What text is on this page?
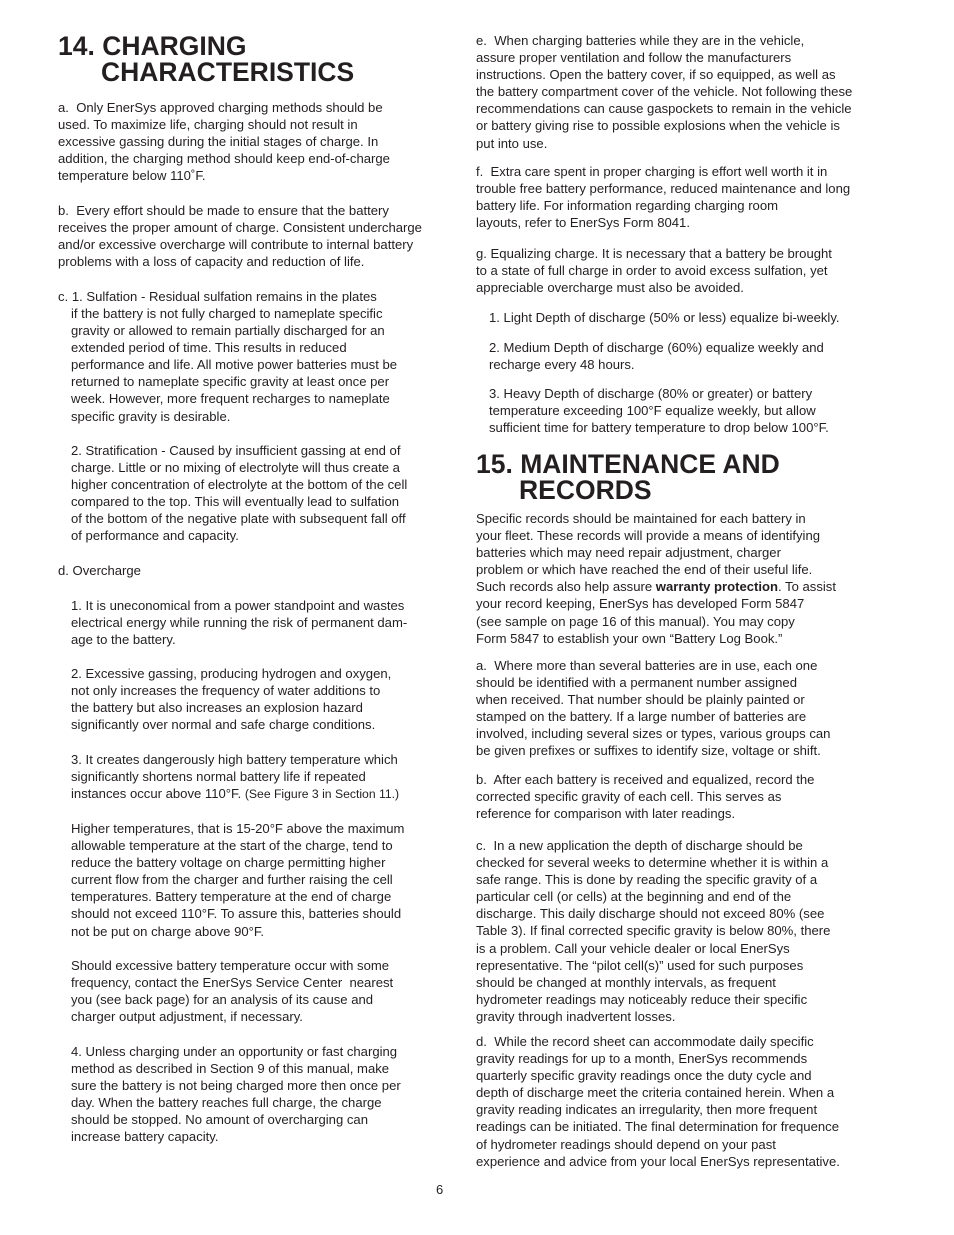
14. CHARGING
CHARACTERISTICS

a.  Only EnerSys approved charging methods should be
used. To maximize life, charging should not result in
excessive gassing during the initial stages of charge. In
addition, the charging method should keep end-of-charge
temperature below 110˚F.

b.  Every effort should be made to ensure that the battery
receives the proper amount of charge. Consistent undercharge
and/or excessive overcharge will contribute to internal battery
problems with a loss of capacity and reduction of life.

c. 1. Sulfation - Residual sulfation remains in the plates

if the battery is not fully charged to nameplate specific
gravity or allowed to remain partially discharged for an
extended period of time. This results in reduced
performance and life. All motive power batteries must be
returned to nameplate specific gravity at least once per
week. However, more frequent recharges to nameplate
specific gravity is desirable.

2. Stratification - Caused by insufficient gassing at end of
charge. Little or no mixing of electrolyte will thus create a
higher concentration of electrolyte at the bottom of the cell
compared to the top. This will eventually lead to sulfation
of the bottom of the negative plate with subsequent fall off
of performance and capacity.

d. Overcharge

1. It is uneconomical from a power standpoint and wastes
electrical energy while running the risk of permanent dam-
age to the battery.

2. Excessive gassing, producing hydrogen and oxygen,
not only increases the frequency of water additions to
the battery but also increases an explosion hazard
significantly over normal and safe charge conditions.

3. It creates dangerously high battery temperature which
significantly shortens normal battery life if repeated

instances occur above 110°F. (See Figure 3 in Section 11.)

Higher temperatures, that is 15-20°F above the maximum
allowable temperature at the start of the charge, tend to
reduce the battery voltage on charge permitting higher
current flow from the charger and further raising the cell
temperatures. Battery temperature at the end of charge
should not exceed 110°F. To assure this, batteries should
not be put on charge above 90°F.

Should excessive battery temperature occur with some
frequency, contact the EnerSys Service Center  nearest
you (see back page) for an analysis of its cause and
charger output adjustment, if necessary.

4. Unless charging under an opportunity or fast charging
method as described in Section 9 of this manual, make
sure the battery is not being charged more then once per
day. When the battery reaches full charge, the charge
should be stopped. No amount of overcharging can
increase battery capacity.

e.  When charging batteries while they are in the vehicle,
assure proper ventilation and follow the manufacturers
instructions. Open the battery cover, if so equipped, as well as
the battery compartment cover of the vehicle. Not following these
recommendations can cause gaspockets to remain in the vehicle
or battery giving rise to possible explosions when the vehicle is
put into use.

f.  Extra care spent in proper charging is effort well worth it in
trouble free battery performance, reduced maintenance and long
battery life. For information regarding charging room
layouts, refer to EnerSys Form 8041.

g. Equalizing charge. It is necessary that a battery be brought
to a state of full charge in order to avoid excess sulfation, yet
appreciable overcharge must also be avoided.

1. Light Depth of discharge (50% or less) equalize bi-weekly.

2. Medium Depth of discharge (60%) equalize weekly and
recharge every 48 hours.

3. Heavy Depth of discharge (80% or greater) or battery
temperature exceeding 100°F equalize weekly, but allow
sufficient time for battery temperature to drop below 100°F.

15. MAINTENANCE AND
RECORDS

Specific records should be maintained for each battery in
your fleet. These records will provide a means of identifying
batteries which may need repair adjustment, charger
problem or which have reached the end of their useful life.
Such records also help assure warranty protection. To assist
your record keeping, EnerSys has developed Form 5847
(see sample on page 16 of this manual). You may copy
Form 5847 to establish your own “Battery Log Book.”

a.  Where more than several batteries are in use, each one
should be identified with a permanent number assigned
when received. That number should be plainly painted or
stamped on the battery. If a large number of batteries are
involved, including several sizes or types, various groups can
be given prefixes or suffixes to identify size, voltage or shift.

b.  After each battery is received and equalized, record the
corrected specific gravity of each cell. This serves as
reference for comparison with later readings.

c.  In a new application the depth of discharge should be
checked for several weeks to determine whether it is within a
safe range. This is done by reading the specific gravity of a
particular cell (or cells) at the beginning and end of the
discharge. This daily discharge should not exceed 80% (see
Table 3). If final corrected specific gravity is below 80%, there
is a problem. Call your vehicle dealer or local EnerSys
representative. The “pilot cell(s)” used for such purposes
should be changed at monthly intervals, as frequent
hydrometer readings may noticeably reduce their specific
gravity through inadvertent losses.

d.  While the record sheet can accommodate daily specific
gravity readings for up to a month, EnerSys recommends
quarterly specific gravity readings once the duty cycle and
depth of discharge meet the criteria contained herein. When a
gravity reading indicates an irregularity, then more frequent
readings can be initiated. The final determination for frequence
of hydrometer readings should depend on your past
experience and advice from your local EnerSys representative.

6
